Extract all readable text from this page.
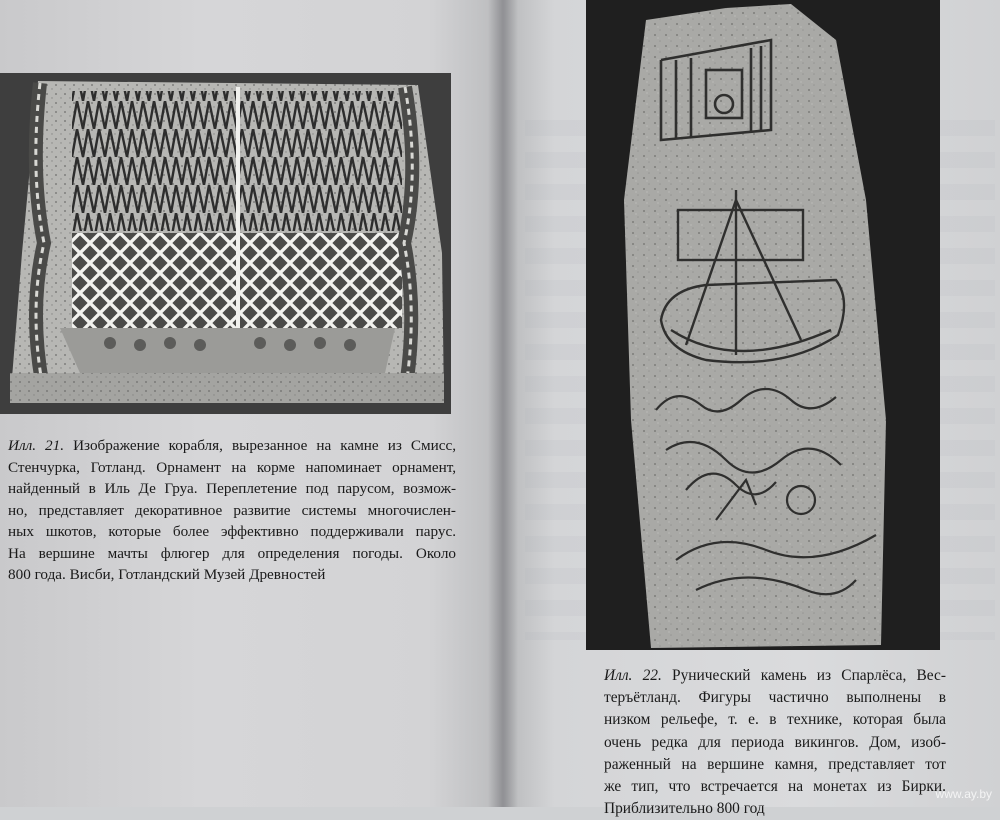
Илл. 21. Изображение корабля, вырезанное на камне из Смисс,
Стенчурка, Готланд. Орнамент на корме напоминает орнамент,
найденный в Иль Де Груа. Переплетение под парусом, возмож-
но, представляет декоративное развитие системы многочислен-
ных шкотов, которые более эффективно поддерживали парус.
На вершине мачты флюгер для определения погоды. Около
800 года. Висби, Готландский Музей Древностей
Илл. 22. Рунический камень из Спарлёса, Вес-
теръётланд. Фигуры частично выполнены в
низком рельефе, т. е. в технике, которая была
очень редка для периода викингов. Дом, изоб-
раженный на вершине камня, представляет тот
же тип, что встречается на монетах из Бирки.
Приблизительно 800 год
www.ay.by
